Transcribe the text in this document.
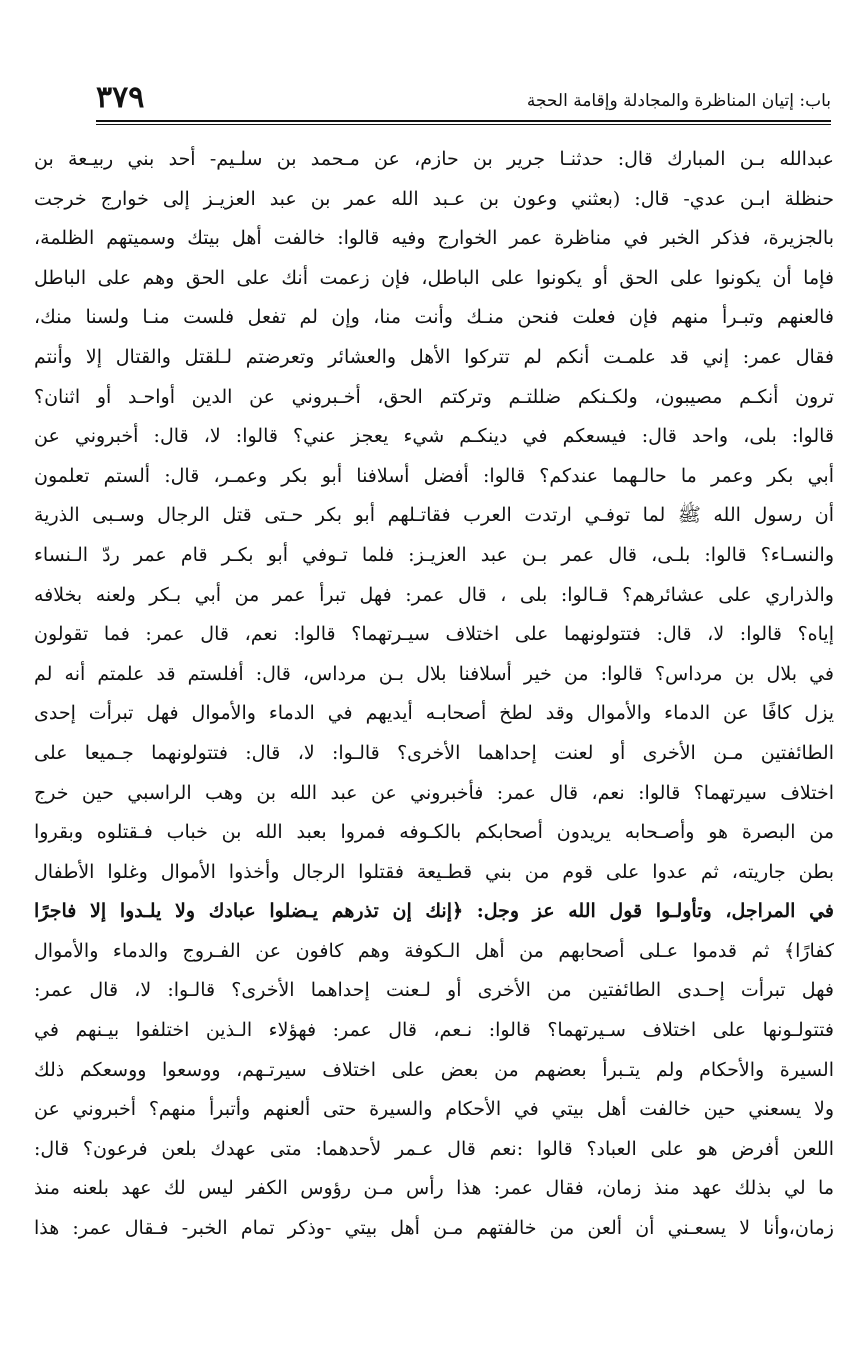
باب: إتيان المناظرة والمجادلة وإقامة الحجة
٣٧٩
عبدالله بـن المبارك قال: حدثنـا جرير بن حازم، عن مـحمد بن سلـيم- أحد بني ربيـعة بن
حنظلة ابـن عدي- قال: (بعثني وعون بن عـبد الله عمر بن عبد العزيـز إلى خوارج خرجت
بالجزيرة، فذكر الخبر في مناظرة عمر الخوارج وفيه قالوا: خالفت أهل بيتك وسميتهم الظلمة،
فإما أن يكونوا على الحق أو يكونوا على الباطل، فإن زعمت أنك على الحق وهم على الباطل
فالعنهم وتبـرأ منهم فإن فعلت فنحن منـك وأنت منا، وإن لم تفعل فلست منـا ولسنا منك،
فقال عمر: إني قد علمـت أنكم لم تتركوا الأهل والعشائر وتعرضتم لـلقتل والقتال إلا وأنتم
ترون أنكـم مصيبون، ولكـنكم ضللتـم وتركتم الحق، أخـبروني عن الدين أواحـد أو اثنان؟
قالوا: بلى، واحد قال: فيسعكم في دينكـم شيء يعجز عني؟ قالوا: لا، قال: أخبروني عن
أبي بكر وعمر ما حالـهما عندكم؟ قالوا: أفضل أسلافنا أبو بكر وعمـر، قال: ألستم تعلمون
أن رسول الله ﷺ لما توفـي ارتدت العرب فقاتـلهم أبو بكر حـتى قتل الرجال وسـبى الذرية
والنسـاء؟ قالوا: بلـى، قال عمر بـن عبد العزيـز: فلما تـوفي أبو بكـر قام عمر ردّ الـنساء
والذراري على عشائرهم؟ قـالوا: بلى ، قال عمر: فهل تبرأ عمر من أبي بـكر ولعنه بخلافه
إياه؟ قالوا: لا، قال: فتتولونهما على اختلاف سيـرتهما؟ قالوا: نعم، قال عمر: فما تقولون
في بلال بن مرداس؟ قالوا: من خير أسلافنا بلال بـن مرداس، قال: أفلستم قد علمتم أنه لم
يزل كافًا عن الدماء والأموال وقد لطخ أصحابـه أيديهم في الدماء والأموال فهل تبرأت إحدى
الطائفتين مـن الأخرى أو لعنت إحداهما الأخرى؟ قالـوا: لا، قال: فتتولونهما جـميعا على
اختلاف سيرتهما؟ قالوا: نعم، قال عمر: فأخبروني عن عبد الله بن وهب الراسبي حين خرج
من البصرة هو وأصـحابه يريدون أصحابكم بالكـوفه فمروا بعبد الله بن خباب فـقتلوه وبقروا
بطن جاريته، ثم عدوا على قوم من بني قطـيعة فقتلوا الرجال وأخذوا الأموال وغلوا الأطفال
في المراجل، وتأولـوا قول الله عز وجل: ﴿إنك إن تذرهم يـضلوا عبادك ولا يلـدوا إلا فاجرًا
كفارًا﴾ ثم قدموا عـلى أصحابهم من أهل الـكوفة وهم كافون عن الفـروج والدماء والأموال
فهل تبرأت إحـدى الطائفتين من الأخرى أو لـعنت إحداهما الأخرى؟ قالـوا: لا، قال عمر:
فتتولـونها على اختلاف سـيرتهما؟ قالوا: نـعم، قال عمر: فهؤلاء الـذين اختلفوا بيـنهم في
السيرة والأحكام ولم يتـبرأ بعضهم من بعض على اختلاف سيرتـهم، ووسعوا ووسعكم ذلك
ولا يسعني حين خالفت أهل بيتي في الأحكام والسيرة حتى ألعنهم وأتبرأ منهم؟ أخبروني عن
اللعن أفرض هو على العباد؟ قالوا :نعم قال عـمر لأحدهما: متى عهدك بلعن فرعون؟ قال:
ما لي بذلك عهد منذ زمان، فقال عمر: هذا رأس مـن رؤوس الكفر ليس لك عهد بلعنه منذ
زمان،وأنا لا يسعـني أن ألعن من خالفتهم مـن أهل بيتي -وذكر تمام الخبر- فـقال عمر: هذا
